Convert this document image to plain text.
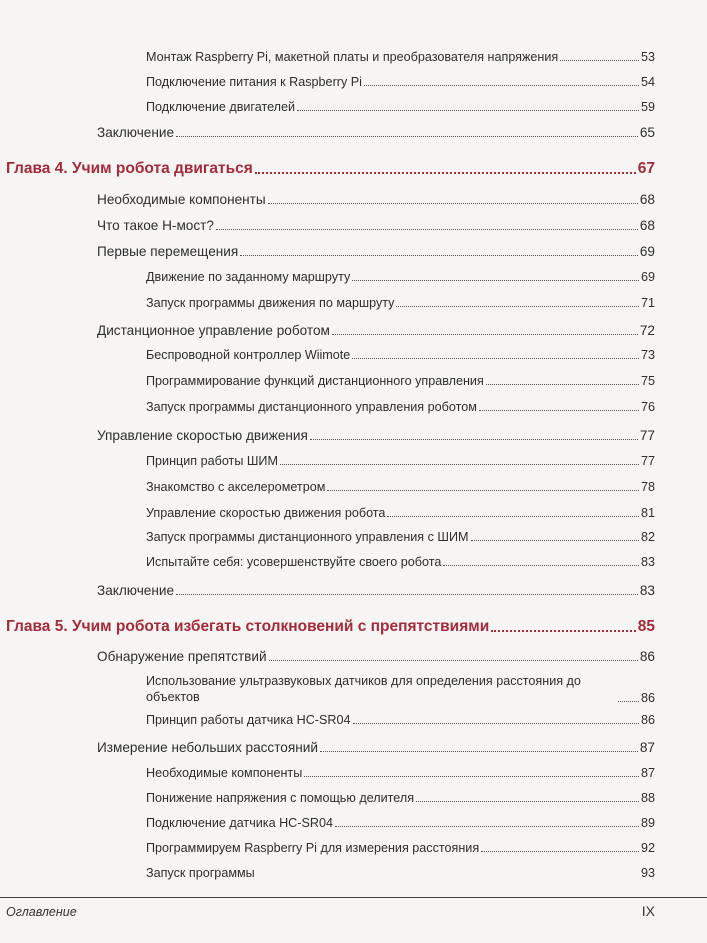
Монтаж Raspberry Pi, макетной платы и преобразователя напряжения	53
Подключение питания к Raspberry Pi	54
Подключение двигателей	59
Заключение	65
Глава 4. Учим робота двигаться	67
Необходимые компоненты	68
Что такое Н-мост?	68
Первые перемещения	69
Движение по заданному маршруту	69
Запуск программы движения по маршруту	71
Дистанционное управление роботом	72
Беспроводной контроллер Wiimote	73
Программирование функций дистанционного управления	75
Запуск программы дистанционного управления роботом	76
Управление скоростью движения	77
Принцип работы ШИМ	77
Знакомство с акселерометром	78
Управление скоростью движения робота	81
Запуск программы дистанционного управления с ШИМ	82
Испытайте себя: усовершенствуйте своего робота	83
Заключение	83
Глава 5. Учим робота избегать столкновений с препятствиями	85
Обнаружение препятствий	86
Использование ультразвуковых датчиков для определения расстояния до объектов	86
Принцип работы датчика HC-SR04	86
Измерение небольших расстояний	87
Необходимые компоненты	87
Понижение напряжения с помощью делителя	88
Подключение датчика HC-SR04	89
Программируем Raspberry Pi для измерения расстояния	92
Запуск программы	93
Оглавление	IX
